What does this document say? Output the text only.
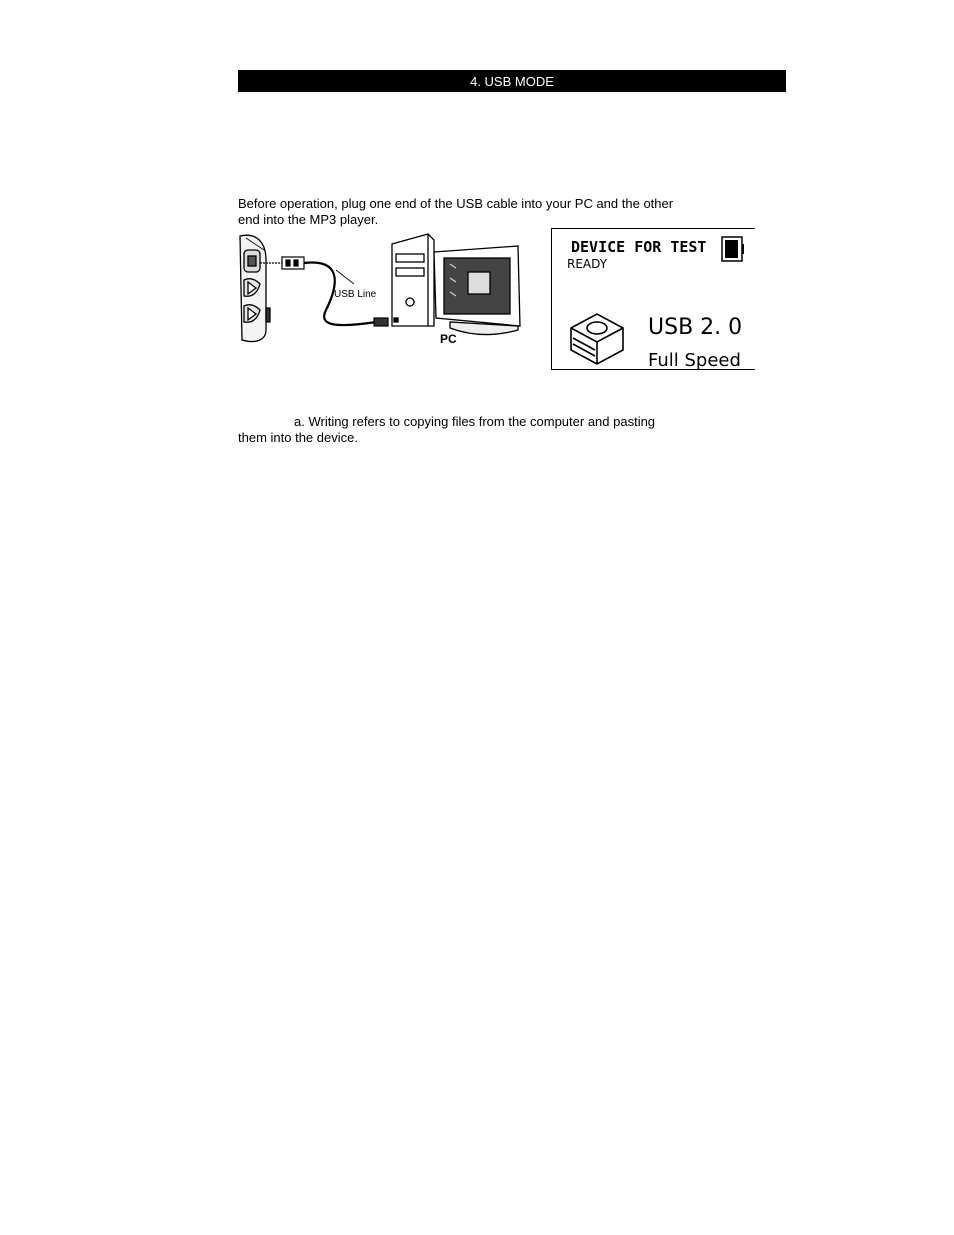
4. USB MODE
Before operation, plug one end of the USB cable into your PC and the other
end into the MP3 player.
USB Line
PC
DEVICE FOR TEST
READY
USB 2. 0
Full Speed
a. Writing refers to copying files from the computer and pasting
them into the device.
